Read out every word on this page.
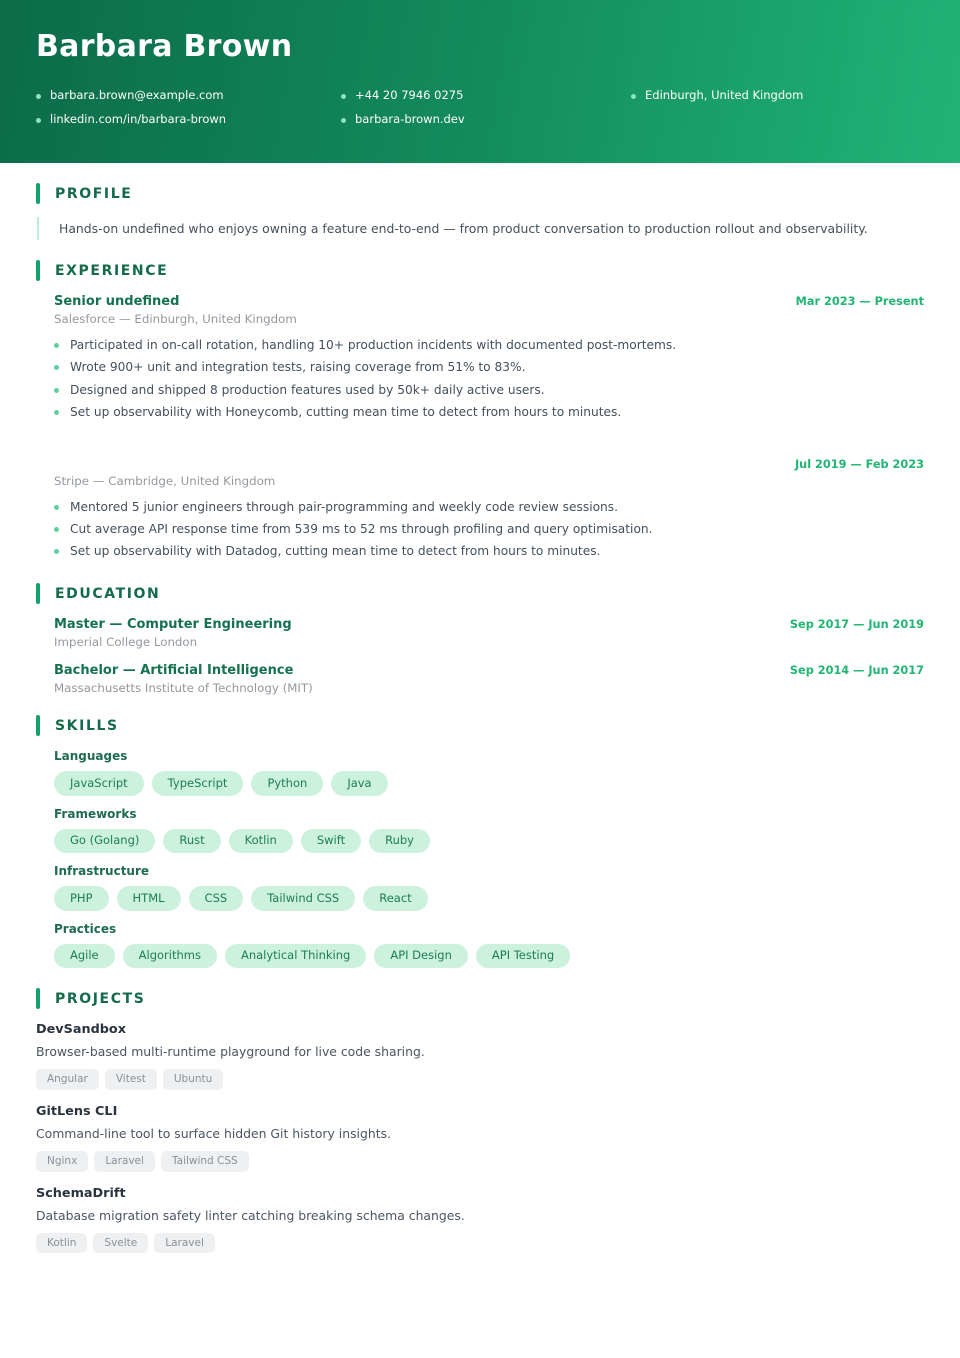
Barbara Brown
barbara.brown@example.com	+44 20 7946 0275	Edinburgh, United Kingdom
linkedin.com/in/barbara-brown	barbara-brown.dev
PROFILE
Hands-on undefined who enjoys owning a feature end-to-end — from product conversation to production rollout and observability.
EXPERIENCE
Senior undefined	Mar 2023 — Present
Salesforce — Edinburgh, United Kingdom
Participated in on-call rotation, handling 10+ production incidents with documented post-mortems.
Wrote 900+ unit and integration tests, raising coverage from 51% to 83%.
Designed and shipped 8 production features used by 50k+ daily active users.
Set up observability with Honeycomb, cutting mean time to detect from hours to minutes.
Jul 2019 — Feb 2023
Stripe — Cambridge, United Kingdom
Mentored 5 junior engineers through pair-programming and weekly code review sessions.
Cut average API response time from 539 ms to 52 ms through profiling and query optimisation.
Set up observability with Datadog, cutting mean time to detect from hours to minutes.
EDUCATION
Master — Computer Engineering	Sep 2017 — Jun 2019
Imperial College London
Bachelor — Artificial Intelligence	Sep 2014 — Jun 2017
Massachusetts Institute of Technology (MIT)
SKILLS
Languages
JavaScript	TypeScript	Python	Java
Frameworks
Go (Golang)	Rust	Kotlin	Swift	Ruby
Infrastructure
PHP	HTML	CSS	Tailwind CSS	React
Practices
Agile	Algorithms	Analytical Thinking	API Design	API Testing
PROJECTS
DevSandbox
Browser-based multi-runtime playground for live code sharing.
Angular	Vitest	Ubuntu
GitLens CLI
Command-line tool to surface hidden Git history insights.
Nginx	Laravel	Tailwind CSS
SchemaDrift
Database migration safety linter catching breaking schema changes.
Kotlin	Svelte	Laravel
